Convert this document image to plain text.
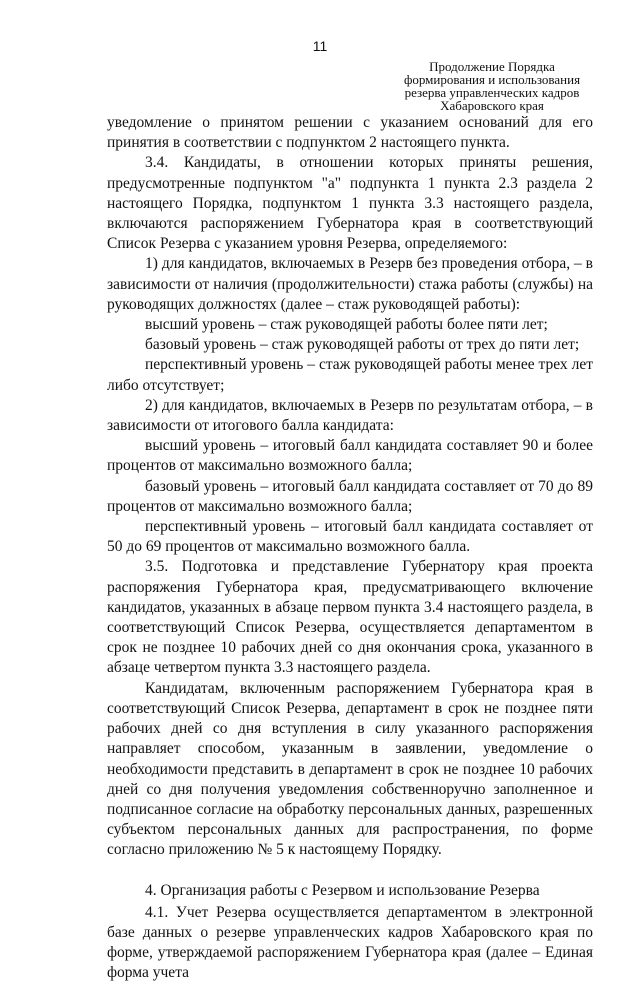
11
Продолжение Порядка
формирования и использования
резерва управленческих кадров
Хабаровского края

уведомление о принятом решении с указанием оснований для его принятия в соответствии с подпунктом 2 настоящего пункта.

3.4. Кандидаты, в отношении которых приняты решения, предусмотренные подпунктом "а" подпункта 1 пункта 2.3 раздела 2 настоящего Порядка, подпунктом 1 пункта 3.3 настоящего раздела, включаются распоряжением Губернатора края в соответствующий Список Резерва с указанием уровня Резерва, определяемого:

1) для кандидатов, включаемых в Резерв без проведения отбора, – в зависимости от наличия (продолжительности) стажа работы (службы) на руководящих должностях (далее – стаж руководящей работы):

высший уровень – стаж руководящей работы более пяти лет;

базовый уровень – стаж руководящей работы от трех до пяти лет;

перспективный уровень – стаж руководящей работы менее трех лет либо отсутствует;

2) для кандидатов, включаемых в Резерв по результатам отбора, – в зависимости от итогового балла кандидата:

высший уровень – итоговый балл кандидата составляет 90 и более процентов от максимально возможного балла;

базовый уровень – итоговый балл кандидата составляет от 70 до 89 процентов от максимально возможного балла;

перспективный уровень – итоговый балл кандидата составляет от 50 до 69 процентов от максимально возможного балла.

3.5. Подготовка и представление Губернатору края проекта распоряжения Губернатора края, предусматривающего включение кандидатов, указанных в абзаце первом пункта 3.4 настоящего раздела, в соответствующий Список Резерва, осуществляется департаментом в срок не позднее 10 рабочих дней со дня окончания срока, указанного в абзаце четвертом пункта 3.3 настоящего раздела.

Кандидатам, включенным распоряжением Губернатора края в соответствующий Список Резерва, департамент в срок не позднее пяти рабочих дней со дня вступления в силу указанного распоряжения направляет способом, указанным в заявлении, уведомление о необходимости представить в департамент в срок не позднее 10 рабочих дней со дня получения уведомления собственноручно заполненное и подписанное согласие на обработку персональных данных, разрешенных субъектом персональных данных для распространения, по форме согласно приложению № 5 к настоящему Порядку.

4. Организация работы с Резервом и использование Резерва

4.1. Учет Резерва осуществляется департаментом в электронной базе данных о резерве управленческих кадров Хабаровского края по форме, утверждаемой распоряжением Губернатора края (далее – Единая форма учета
